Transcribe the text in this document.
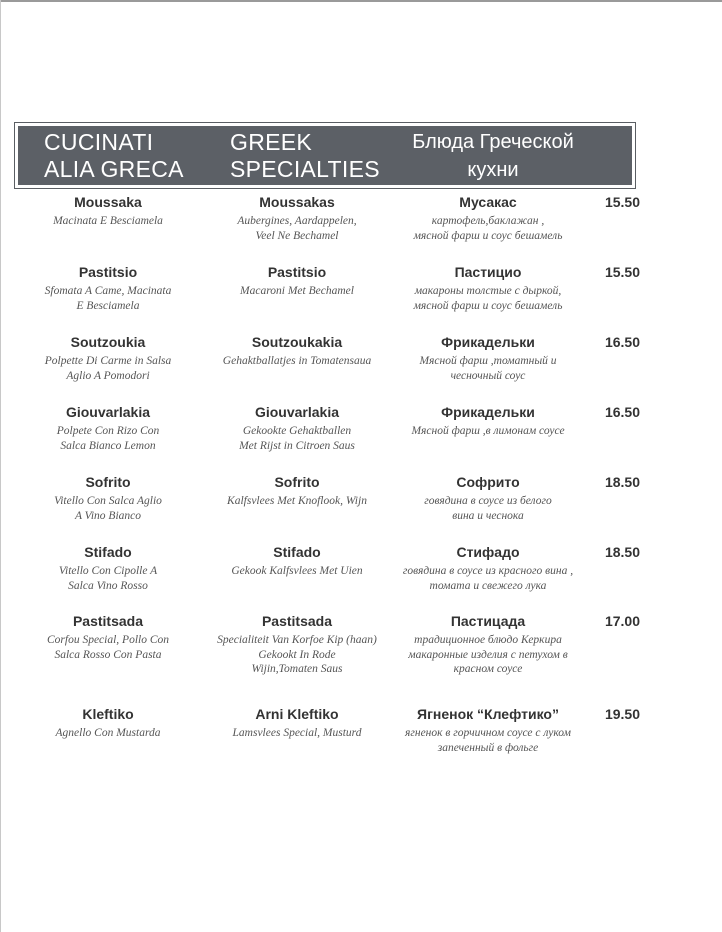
CUCINATI
ALIA GRECA
GREEK
SPECIALTIES
Блюда Греческой
кухни
Moussaka
Macinata E Besciamela
Moussakas
Aubergines, Aardappelen,
Veel Ne Bechamel
Мусакас
картофель,баклажан ,
мясной фарш и соус бешамель
15.50
Pastitsio
Sfomata A Came, Macinata
E Besciamela
Pastitsio
Macaroni Met Bechamel
Пастицио
макароны толстые с дыркой,
мясной фарш и соус бешамель
15.50
Soutzoukia
Polpette Di Carme in Salsa
Aglio A Pomodori
Soutzoukakia
Gehaktballatjes in Tomatensaua
Фрикадельки
Мясной фарш ,томатный и
чесночный соус
16.50
Giouvarlakia
Polpete Con Rizo Con
Salca Bianco Lemon
Giouvarlakia
Gekookte Gehaktballen
Met Rijst in Citroen Saus
Фрикадельки
Мясной фарш ,в лимонам соусе
16.50
Sofrito
Vitello Con Salca Aglio
A Vino Bianco
Sofrito
Kalfsvlees Met Knoflook, Wijn
Софрито
говядина в соусе из белого
вина и чеснока
18.50
Stifado
Vitello Con Cipolle A
Salca Vino Rosso
Stifado
Gekook Kalfsvlees Met Uien
Стифадо
говядина в соусе из красного вина ,
томата и свежего лука
18.50
Pastitsada
Corfou Special, Pollo Con
Salca Rosso Con Pasta
Pastitsada
Specialiteit Van Korfoe Kip (haan)
Gekookt In Rode
Wijin,Tomaten Saus
Пастицада
традиционное блюдо Керкира
макаронные изделия с петухом в
красном соусе
17.00
Kleftiko
Agnello Con Mustarda
Arni Kleftiko
Lamsvlees Special, Musturd
Ягненок “Клефтико”
ягненок в горчичном соусе с луком
запеченный в фольге
19.50
